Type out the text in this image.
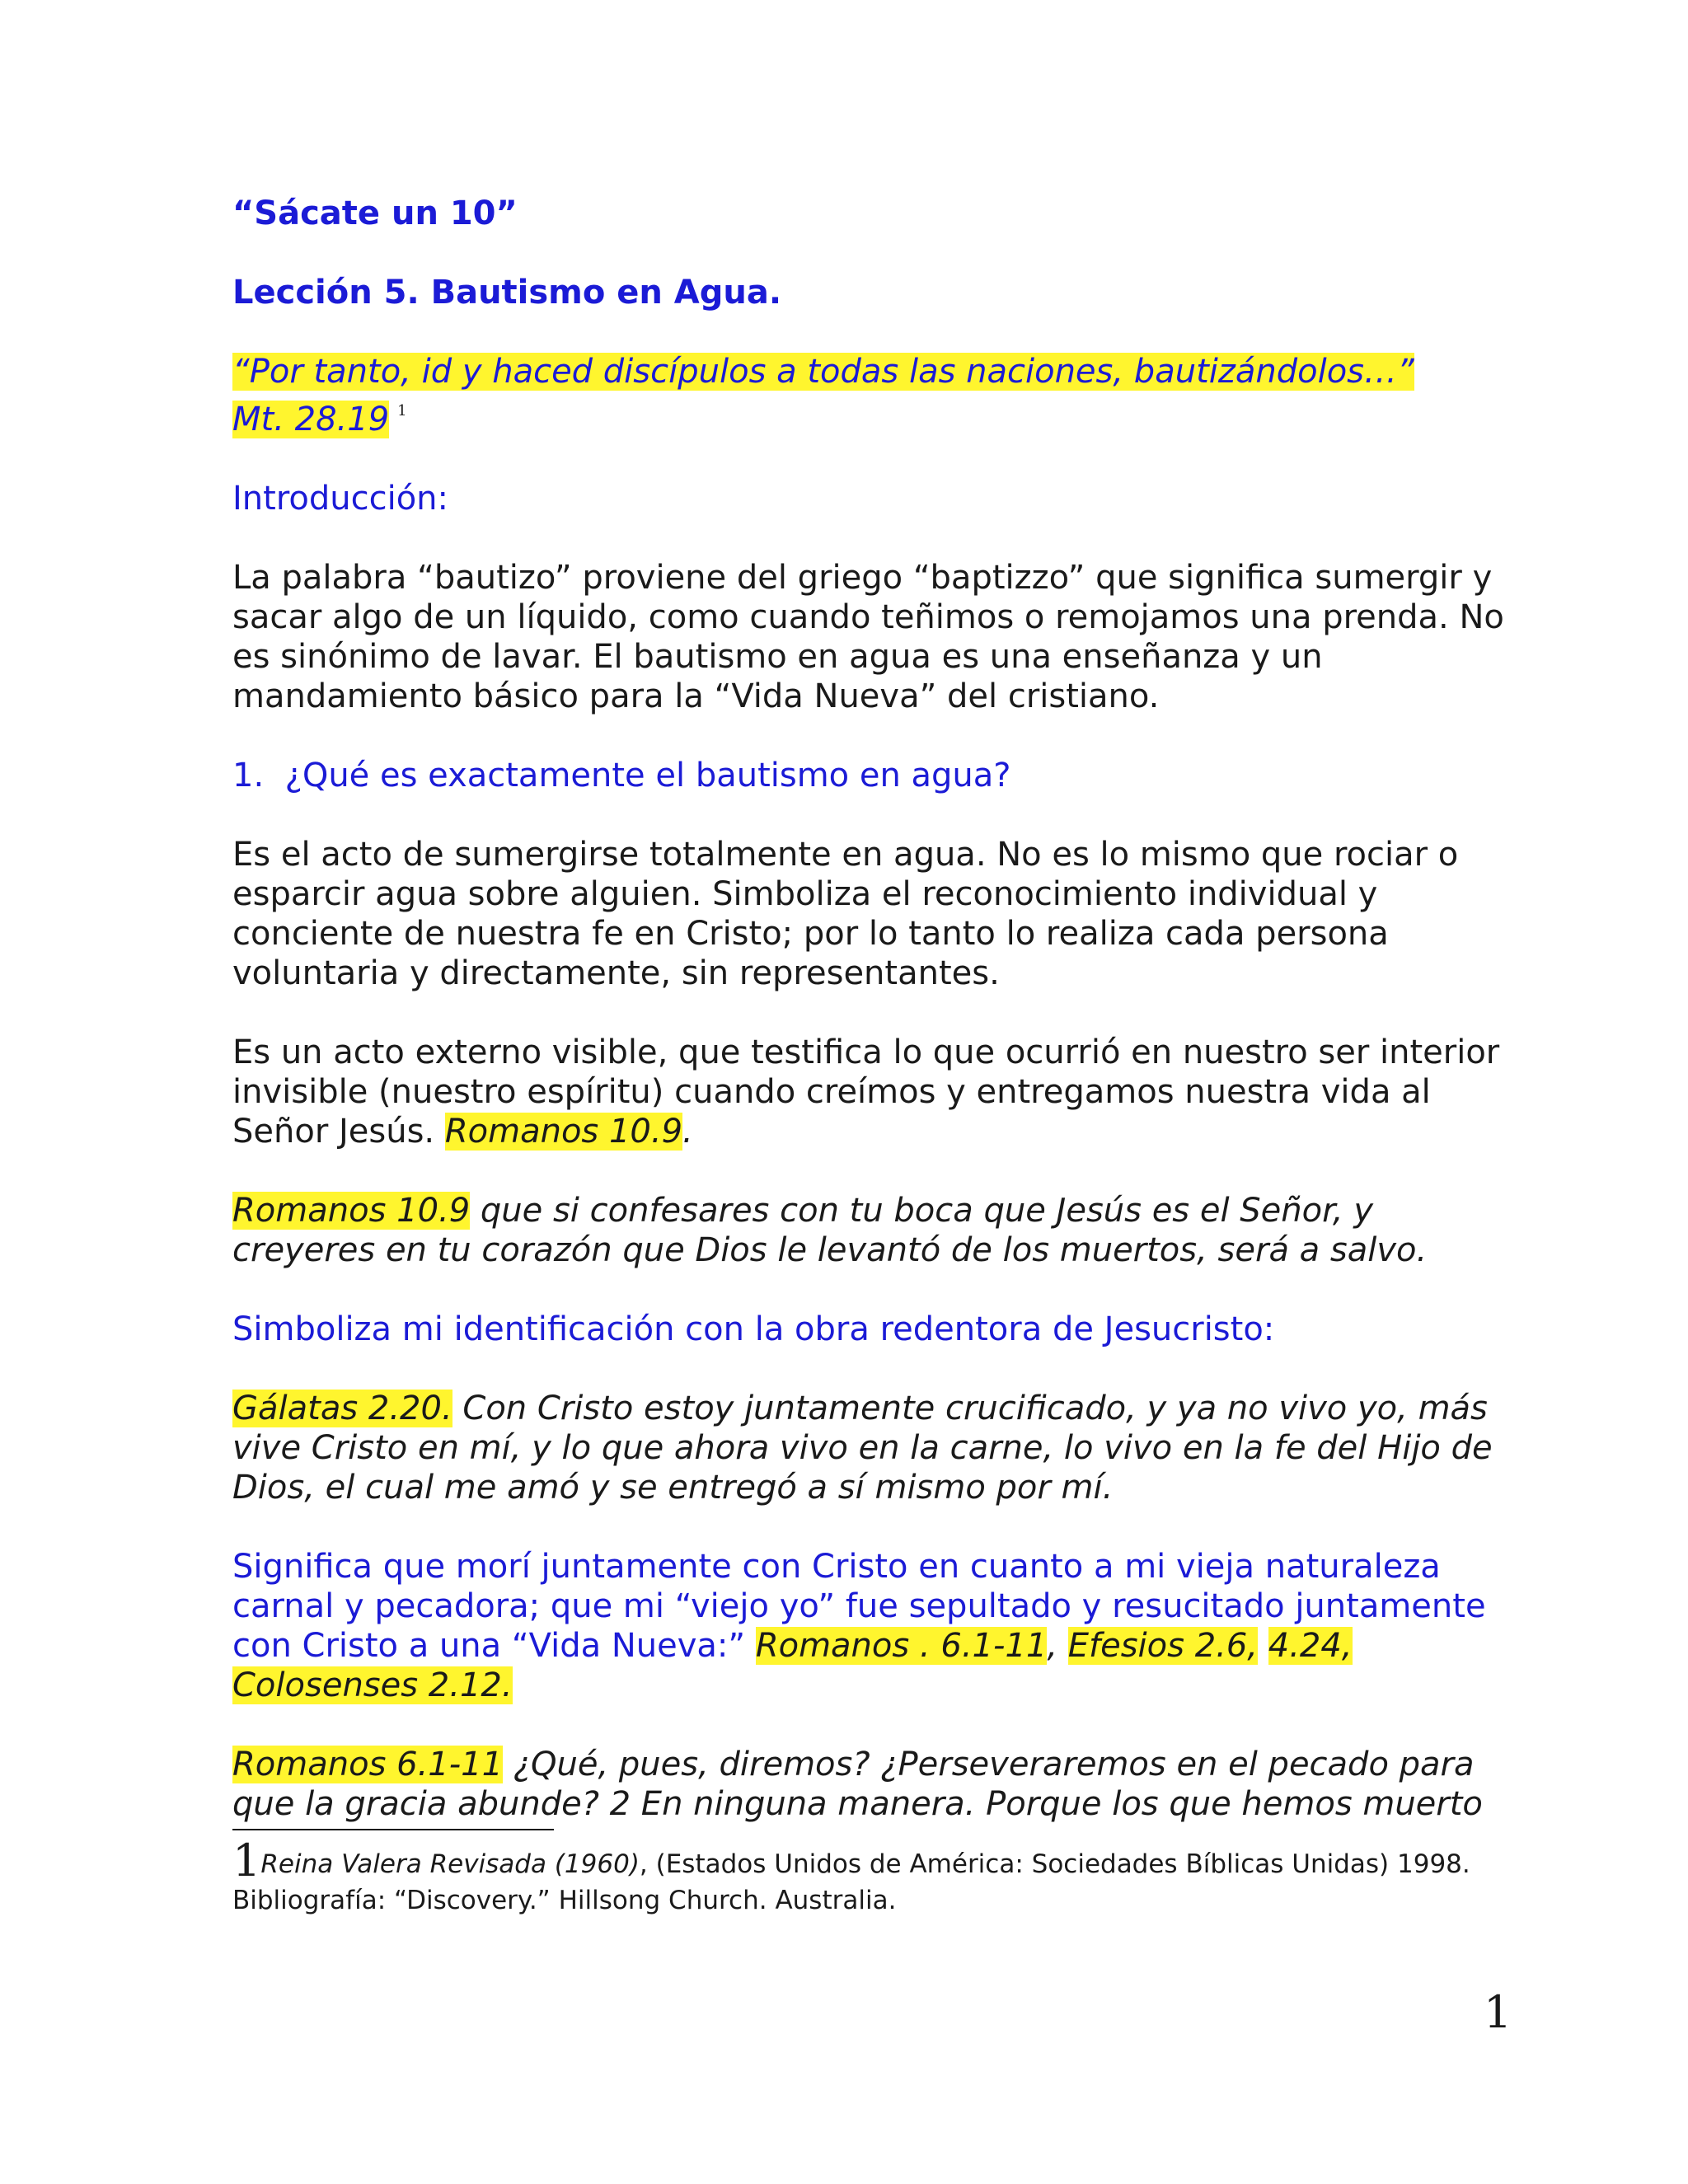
“Sácate un 10”

Lección 5. Bautismo en Agua.

“Por tanto, id y haced discípulos a todas las naciones, bautizándolos…”
Mt. 28.19 $^1$

Introducción:

La palabra “bautizo” proviene del griego “baptizzo” que significa sumergir y sacar algo de un líquido, como cuando teñimos o remojamos una prenda. No es sinónimo de lavar. El bautismo en agua es una enseñanza y un mandamiento básico para la “Vida Nueva” del cristiano.

1. ¿Qué es exactamente el bautismo en agua?

Es el acto de sumergirse totalmente en agua. No es lo mismo que rociar o esparcir agua sobre alguien. Simboliza el reconocimiento individual y conciente de nuestra fe en Cristo; por lo tanto lo realiza cada persona voluntaria y directamente, sin representantes.

Es un acto externo visible, que testifica lo que ocurrió en nuestro ser interior invisible (nuestro espíritu) cuando creímos y entregamos nuestra vida al Señor Jesús. Romanos 10.9.

Romanos 10.9 que si confesares con tu boca que Jesús es el Señor, y creyeres en tu corazón que Dios le levantó de los muertos, será a salvo.

Simboliza mi identificación con la obra redentora de Jesucristo:

Gálatas 2.20. Con Cristo estoy juntamente crucificado, y ya no vivo yo, más vive Cristo en mí, y lo que ahora vivo en la carne, lo vivo en la fe del Hijo de Dios, el cual me amó y se entregó a sí mismo por mí.

Significa que morí juntamente con Cristo en cuanto a mi vieja naturaleza carnal y pecadora; que mi “viejo yo” fue sepultado y resucitado juntamente con Cristo a una “Vida Nueva:” Romanos . 6.1-11, Efesios 2.6, 4.24, Colosenses 2.12.

Romanos 6.1-11 ¿Qué, pues, diremos? ¿Perseveraremos en el pecado para que la gracia abunde? 2 En ninguna manera. Porque los que hemos muerto

1Reina Valera Revisada (1960), (Estados Unidos de América: Sociedades Bíblicas Unidas) 1998. Bibliografía: “Discovery.” Hillsong Church. Australia.
1
